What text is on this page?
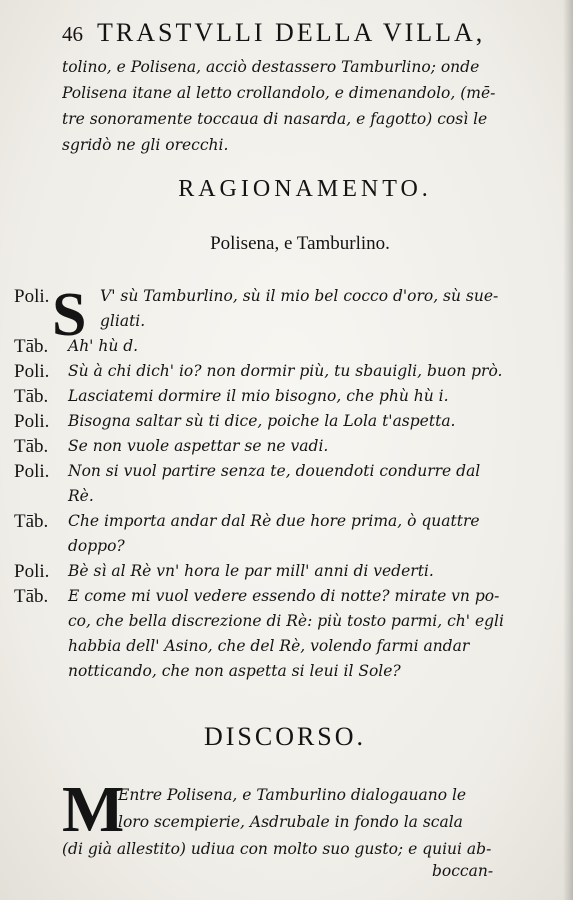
46 TRASTVLLI DELLA VILLA,
tolino, e Polisena, acciò destassero Tamburlino; onde
Polisena itane al letto crollandolo, e dimenandolo, (mē-
tre sonoramente toccaua di nasarda, e fagotto) così le
sgridò ne gli orecchi.
RAGIONAMENTO.
Polisena, e Tamburlino.
Poli.	V' sù Tamburlino, sù il mio bel cocco d'oro, sù sue-
gliati.
Tāb.	Ah' hù d.
Poli.	Sù à chi dich' io? non dormir più, tu sbauigli, buon prò.
Tāb.	Lasciatemi dormire il mio bisogno, che phù hù i.
Poli.	Bisogna saltar sù ti dice, poiche la Lola t'aspetta.
Tāb.	Se non vuole aspettar se ne vadi.
Poli.	Non si vuol partire senza te, douendoti condurre dal
Rè.
Tāb.	Che importa andar dal Rè due hore prima, ò quattre
doppo?
Poli.	Bè sì al Rè vn' hora le par mill' anni di vederti.
Tāb.	E come mi vuol vedere essendo di notte? mirate vn po-
co, che bella discrezione di Rè: più tosto parmi, ch' egli
habbia dell' Asino, che del Rè, volendo farmi andar
notticando, che non aspetta si leui il Sole?
S
DISCORSO.
M
Entre Polisena, e Tamburlino dialogauano le
loro scempierie, Asdrubale in fondo la scala
(di già allestito) udiua con molto suo gusto; e quiui ab-
boccan-
